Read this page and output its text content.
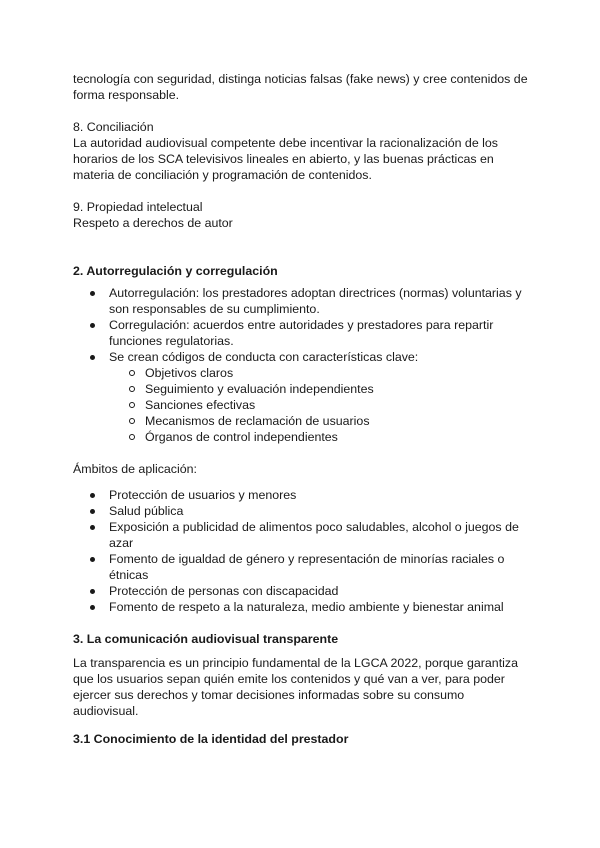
tecnología con seguridad, distinga noticias falsas (fake news) y cree contenidos de forma responsable.

8. Conciliación

La autoridad audiovisual competente debe incentivar la racionalización de los horarios de los SCA televisivos lineales en abierto, y las buenas prácticas en materia de conciliación y programación de contenidos.

9. Propiedad intelectual

Respeto a derechos de autor

2. Autorregulación y corregulación

Autorregulación: los prestadores adoptan directrices (normas) voluntarias y son responsables de su cumplimiento.
Corregulación: acuerdos entre autoridades y prestadores para repartir funciones regulatorias.
Se crean códigos de conducta con características clave:
Objetivos claros
Seguimiento y evaluación independientes
Sanciones efectivas
Mecanismos de reclamación de usuarios
Órganos de control independientes

Ámbitos de aplicación:

Protección de usuarios y menores
Salud pública
Exposición a publicidad de alimentos poco saludables, alcohol o juegos de azar
Fomento de igualdad de género y representación de minorías raciales o étnicas
Protección de personas con discapacidad
Fomento de respeto a la naturaleza, medio ambiente y bienestar animal

3. La comunicación audiovisual transparente

La transparencia es un principio fundamental de la LGCA 2022, porque garantiza que los usuarios sepan quién emite los contenidos y qué van a ver, para poder ejercer sus derechos y tomar decisiones informadas sobre su consumo audiovisual.

3.1 Conocimiento de la identidad del prestador
